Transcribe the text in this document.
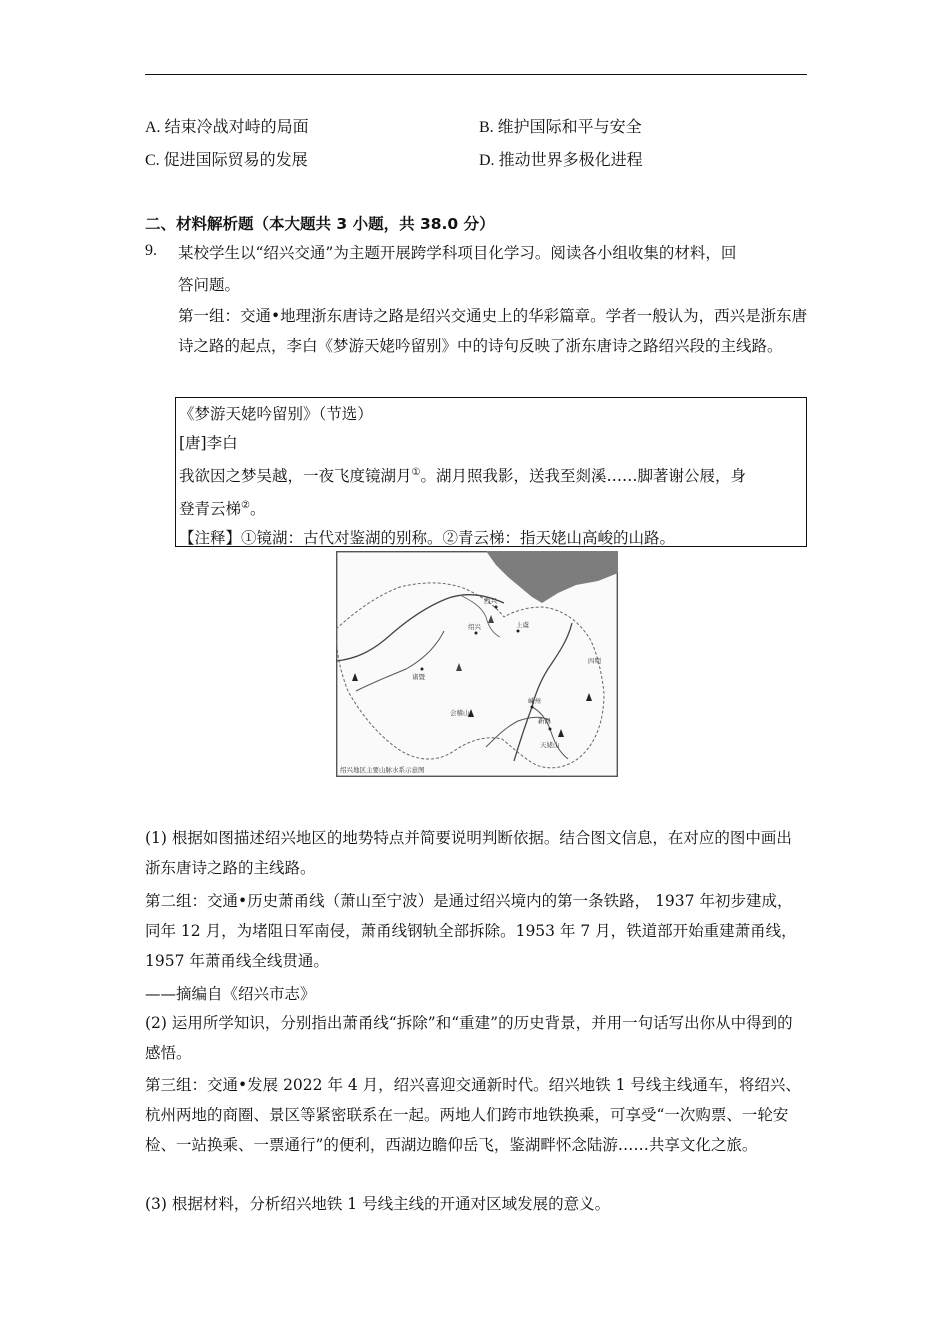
A. 结束冷战对峙的局面	B. 维护国际和平与安全
C. 促进国际贸易的发展	D. 推动世界多极化进程
二、材料解析题（本大题共 3 小题，共 38.0 分）
9. 某校学生以“绍兴交通”为主题开展跨学科项目化学习。阅读各小组收集的材料，回
答问题。
第一组：交通•地理浙东唐诗之路是绍兴交通史上的华彩篇章。学者一般认为，西兴是浙东唐诗之路的起点，李白《梦游天姥吟留别》中的诗句反映了浙东唐诗之路绍兴段的主线路。
《梦游天姥吟留别》（节选）
[唐]李白
我欲因之梦吴越，一夜飞度镜湖月①。湖月照我影，送我至剡溪……脚著谢公屐，身
登青云梯②。
【注释】①镜湖：古代对鉴湖的别称。②青云梯：指天姥山高峻的山路。
西兴
绍兴	上虞
诸暨
嵊州
新昌
会稽山
天姥山
四明
绍兴地区主要山脉水系示意图
(1) 根据如图描述绍兴地区的地势特点并简要说明判断依据。结合图文信息，在对应的图中画出浙东唐诗之路的主线路。
第二组：交通•历史萧甬线（萧山至宁波）是通过绍兴境内的第一条铁路， 1937 年初步建成，同年 12 月，为堵阻日军南侵，萧甬线钢轨全部拆除。1953 年 7 月，铁道部开始重建萧甬线，1957 年萧甬线全线贯通。
——摘编自《绍兴市志》
(2) 运用所学知识，分别指出萧甬线“拆除”和“重建”的历史背景，并用一句话写出你从中得到的感悟。
第三组：交通•发展 2022 年 4 月，绍兴喜迎交通新时代。绍兴地铁 1 号线主线通车，将绍兴、杭州两地的商圈、景区等紧密联系在一起。两地人们跨市地铁换乘，可享受“一次购票、一轮安检、一站换乘、一票通行”的便利，西湖边瞻仰岳飞，鉴湖畔怀念陆游……共享文化之旅。
(3) 根据材料，分析绍兴地铁 1 号线主线的开通对区域发展的意义。
